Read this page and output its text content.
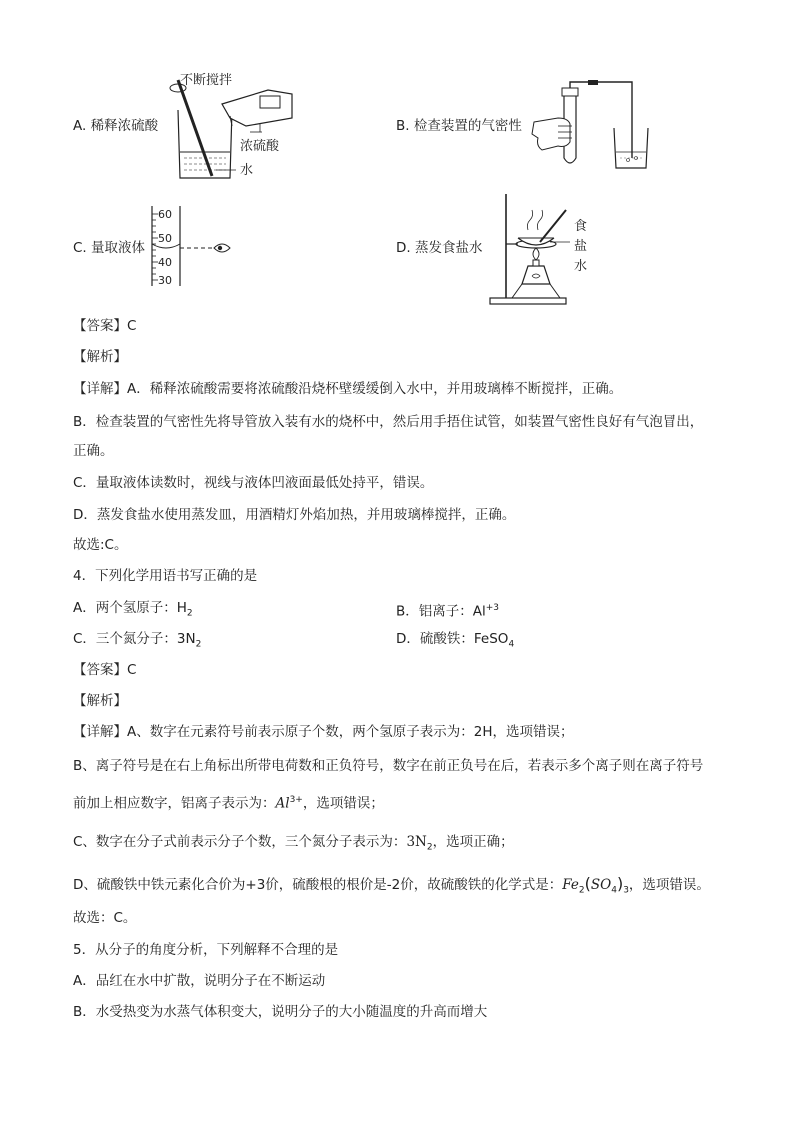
A. 稀释浓硫酸
不断搅拌
浓硫酸
水
B. 检查装置的气密性
C. 量取液体
60
50
40
30
D. 蒸发食盐水
食
盐
水
【答案】C
【解析】
【详解】A．稀释浓硫酸需要将浓硫酸沿烧杯壁缓缓倒入水中，并用玻璃棒不断搅拌，正确。
B．检查装置的气密性先将导管放入装有水的烧杯中，然后用手捂住试管，如装置气密性良好有气泡冒出，
正确。
C．量取液体读数时，视线与液体凹液面最低处持平，错误。
D．蒸发食盐水使用蒸发皿，用酒精灯外焰加热，并用玻璃棒搅拌，正确。
故选:C。
4．下列化学用语书写正确的是
A．两个氢原子：$H_2$	B．铝离子：$Al^{+3}$
C．三个氮分子：$3N_2$	D．硫酸铁：FeSO$_4$
【答案】C
【解析】
【详解】A、数字在元素符号前表示原子个数，两个氢原子表示为：2H，选项错误；
B、离子符号是在右上角标出所带电荷数和正负符号，数字在前正负号在后，若表示多个离子则在离子符号
前加上相应数字，铝离子表示为：$Al^{3+}$，选项错误；
C、数字在分子式前表示分子个数，三个氮分子表示为：$3N_2$，选项正确；
D、硫酸铁中铁元素化合价为+3价，硫酸根的根价是-2价，故硫酸铁的化学式是：$Fe_2(SO_4)_3$，选项错误。
故选：C。
5．从分子的角度分析，下列解释不合理的是
A．品红在水中扩散，说明分子在不断运动
B．水受热变为水蒸气体积变大，说明分子的大小随温度的升高而增大
